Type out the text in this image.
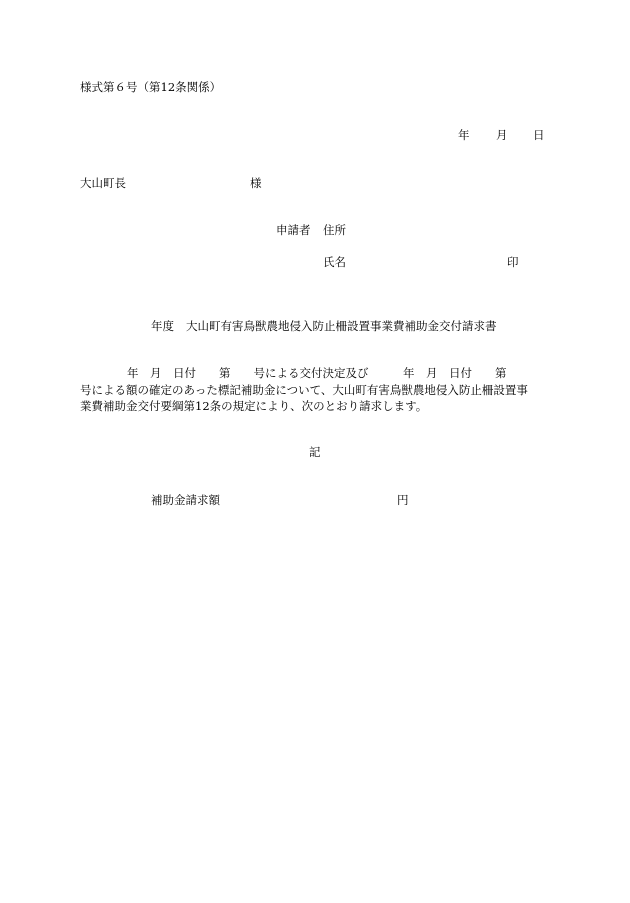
様式第６号（第12条関係）

年 月 日

大山町長	様

申請者 住所

氏名	印

年度 大山町有害鳥獣農地侵入防止柵設置事業費補助金交付請求書

年　月　日付　　第　　号による交付決定及び　　　年　月　日付　　第
号による額の確定のあった標記補助金について、大山町有害鳥獣農地侵入防止柵設置事
業費補助金交付要綱第12条の規定により、次のとおり請求します。

記

補助金請求額	円
